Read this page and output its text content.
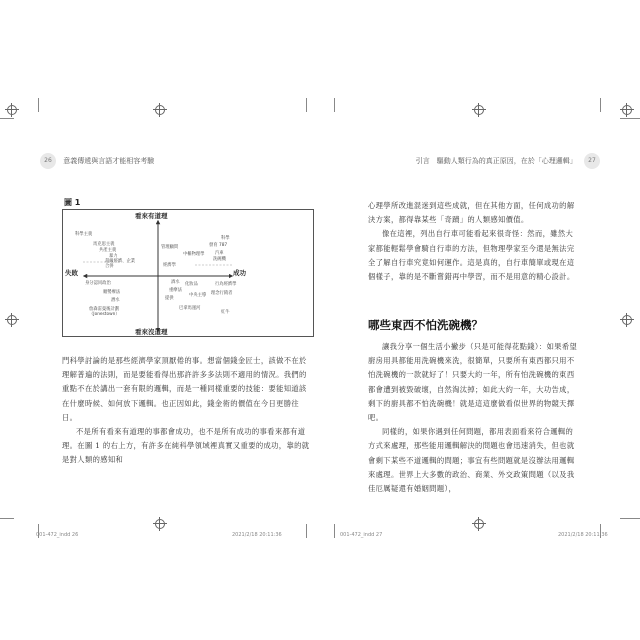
26 意義傳遞與言語才能相容考驗	引言　驅動人類行為的真正原因，在於「心理邏輯」 27
圖 1
看來有道理
看來沒道理
失敗	成功
科學主義
馬克思主義
共產主義
暴力
超級經濟、企業合併
管理顧問
中樞物理學
科學
汽車
發育 787
洗碗機
經濟學
身分認同政治
順勢療法
行為經濟學
化妝品
中央主導
酒水
重療法
提供
理念行銷者
巴拿馬運河
潛水
詹森雷曼後計劃（Jonestown）	紅牛

門科學討論的是那些經濟學家頂厭倦的事。想當個錢金匠士，該做不在於理解普遍的法則，而是要能看得出那許許多多法則不適用的情況。我們的重點不在於講出一套有限的邏輯，而是一種同樣重要的技能：要能知道該在什麼時候、如何放下邏輯。也正因如此，錢金術的價值在今日更勝往日。

不是所有看來有道理的事都會成功，也不是所有成功的事看來都有道理。在圖 1 的右上方，有許多在純科學領域裡真實又重要的成功，靠的就是對人類的感知和

心理學所改進混迷到這些成就，但在其他方面，任何成功的解決方案，都得靠某些「奇蹟」的人類感知價值。

像在這裡，列出自行車可能看起來很奇怪：然而，雖然大家都能輕鬆學會騎自行車的方法，但物理學家至今還是無法完全了解自行車究竟如何運作。這是真的，自行車簡單或現在這個樣子，靠的是不斷嘗錯再中學習，而不是用意的精心設計。

哪些東西不怕洗碗機？

讓我分享一個生活小撇步（只是可能得花點錢）：如果希望廚房用具都能用洗碗機來洗，很簡單，只要所有東西都只用不怕洗碗機的一款就好了！只要大約一年，所有怕洗碗機的東西都會遭到被毀破壞，自然淘汰掉；如此大約一年，大功告成，剩下的廚具都不怕洗碗機！就是這這麼做看似世界的物競天擇吧。

同樣的，如果你遇到任何問題，都用表面看來符合邏輯的方式來處理，那些能用邏輯解決的問題也會迅速消失，但也就會剩下某些不道邏輯的問題；事宜有些問題就是沒辦法用邏輯來處理。世界上大多數的政治、商業、外交政策問題（以及我佳厄厲疑還有婚姻問題），

001-472_indd 26	2021/2/18 20:11:36	001-472_indd 27	2021/2/18 20:11:36
